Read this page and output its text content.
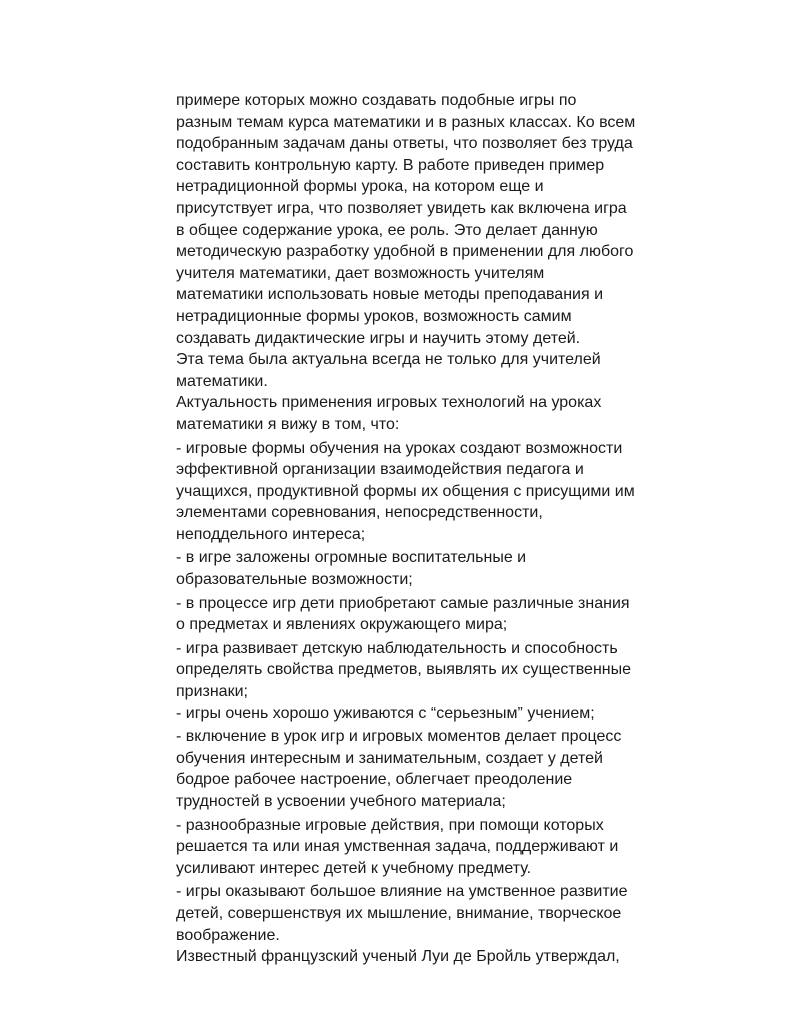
примере которых можно создавать подобные игры по
разным темам курса математики и в разных классах. Ко всем
подобранным задачам даны ответы, что позволяет без труда
составить контрольную карту. В работе приведен пример
нетрадиционной формы урока, на котором еще и
присутствует игра, что позволяет увидеть как включена игра
в общее содержание урока, ее роль. Это делает данную
методическую разработку удобной в применении для любого
учителя математики, дает возможность учителям
математики использовать новые методы преподавания и
нетрадиционные формы уроков, возможность самим
создавать дидактические игры и научить этому детей.
Эта тема была актуальна всегда не только для учителей
математики.
Актуальность применения игровых технологий на уроках
математики я вижу в том, что:
- игровые формы обучения на уроках создают возможности
эффективной организации взаимодействия педагога и
учащихся, продуктивной формы их общения с присущими им
элементами соревнования, непосредственности,
неподдельного интереса;
- в игре заложены огромные воспитательные и
образовательные возможности;
- в процессе игр дети приобретают самые различные знания
о предметах и явлениях окружающего мира;
- игра развивает детскую наблюдательность и способность
определять свойства предметов, выявлять их существенные
признаки;
- игры очень хорошо уживаются с “серьезным” учением;
- включение в урок игр и игровых моментов делает процесс
обучения интересным и занимательным, создает у детей
бодрое рабочее настроение, облегчает преодоление
трудностей в усвоении учебного материала;
- разнообразные игровые действия, при помощи которых
решается та или иная умственная задача, поддерживают и
усиливают интерес детей к учебному предмету.
- игры оказывают большое влияние на умственное развитие
детей, совершенствуя их мышление, внимание, творческое
воображение.
Известный французский ученый Луи де Бройль утверждал,
